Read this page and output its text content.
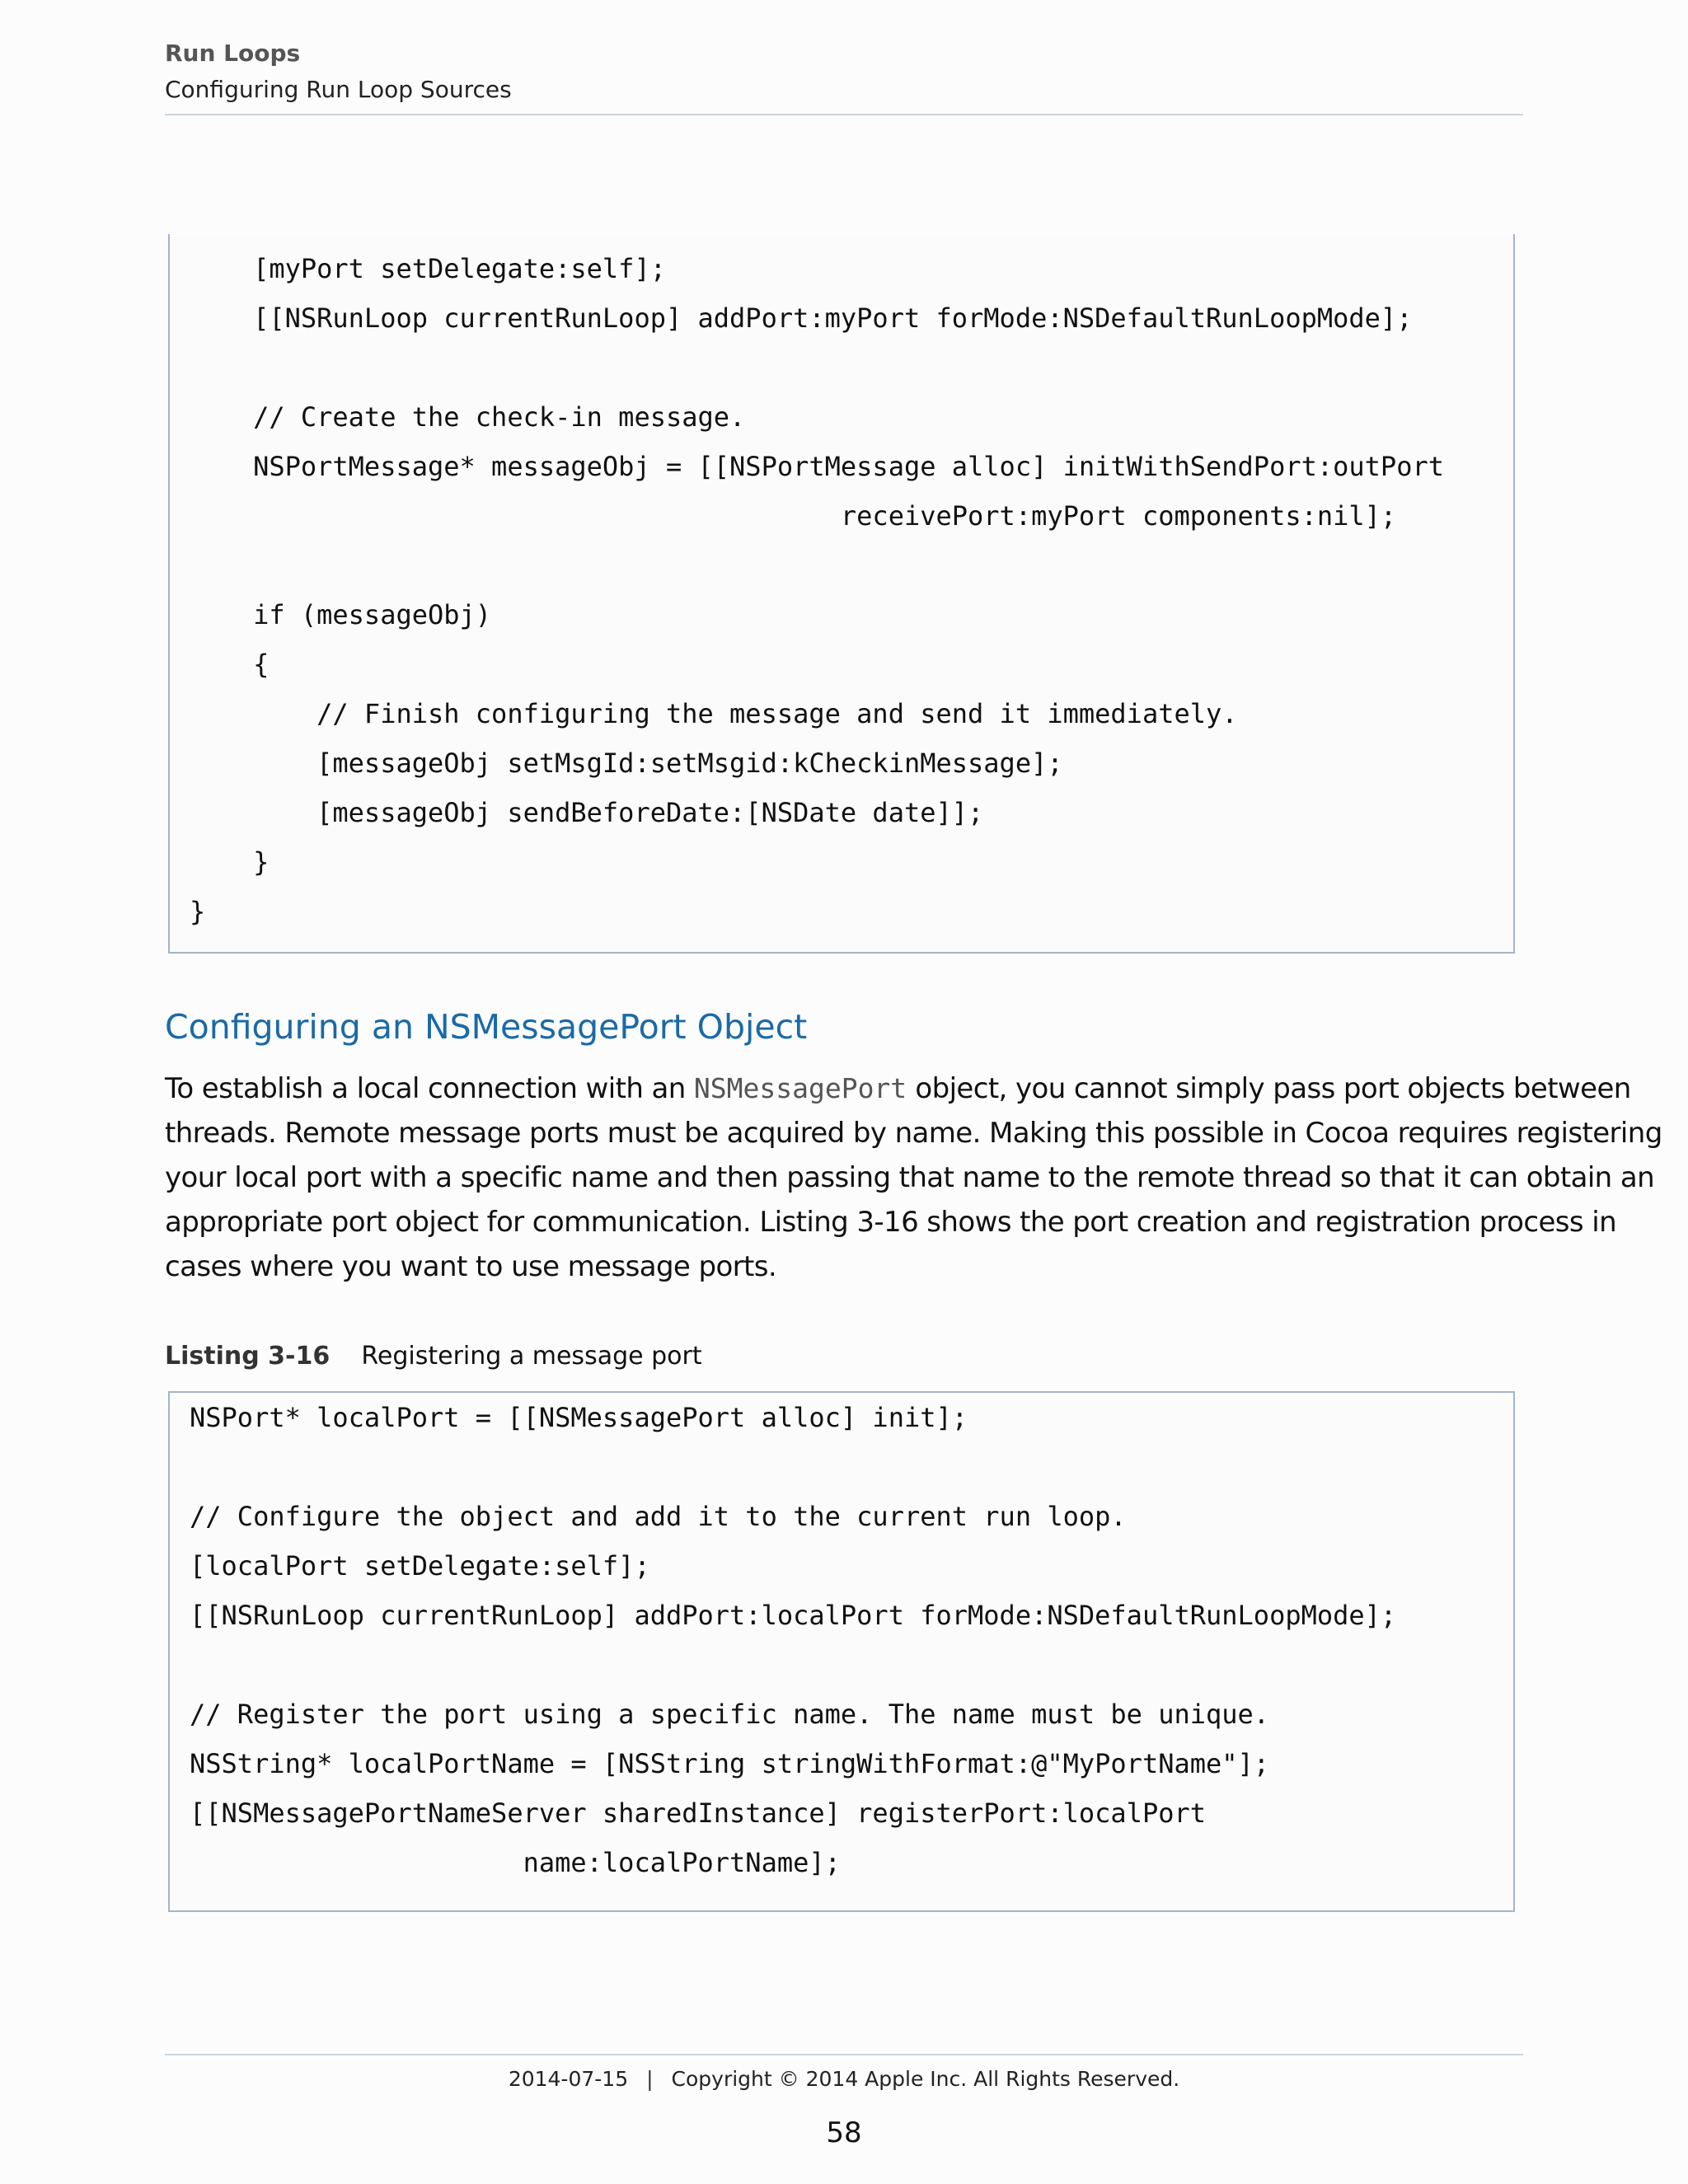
Run Loops
Configuring Run Loop Sources
[myPort setDelegate:self];
[[NSRunLoop currentRunLoop] addPort:myPort forMode:NSDefaultRunLoopMode];
// Create the check-in message.
NSPortMessage* messageObj = [[NSPortMessage alloc] initWithSendPort:outPort
receivePort:myPort components:nil];
if (messageObj)
{
// Finish configuring the message and send it immediately.
[messageObj setMsgId:setMsgid:kCheckinMessage];
[messageObj sendBeforeDate:[NSDate date]];
}
}
Configuring an NSMessagePort Object
To establish a local connection with an NSMessagePort object, you cannot simply pass port objects between
threads. Remote message ports must be acquired by name. Making this possible in Cocoa requires registering
your local port with a specific name and then passing that name to the remote thread so that it can obtain an
appropriate port object for communication. Listing 3-16 shows the port creation and registration process in
cases where you want to use message ports.
Listing 3-16 Registering a message port
NSPort* localPort = [[NSMessagePort alloc] init];
// Configure the object and add it to the current run loop.
[localPort setDelegate:self];
[[NSRunLoop currentRunLoop] addPort:localPort forMode:NSDefaultRunLoopMode];
// Register the port using a specific name. The name must be unique.
NSString* localPortName = [NSString stringWithFormat:@"MyPortName"];
[[NSMessagePortNameServer sharedInstance] registerPort:localPort
name:localPortName];
2014-07-15 | Copyright © 2014 Apple Inc. All Rights Reserved.
58
